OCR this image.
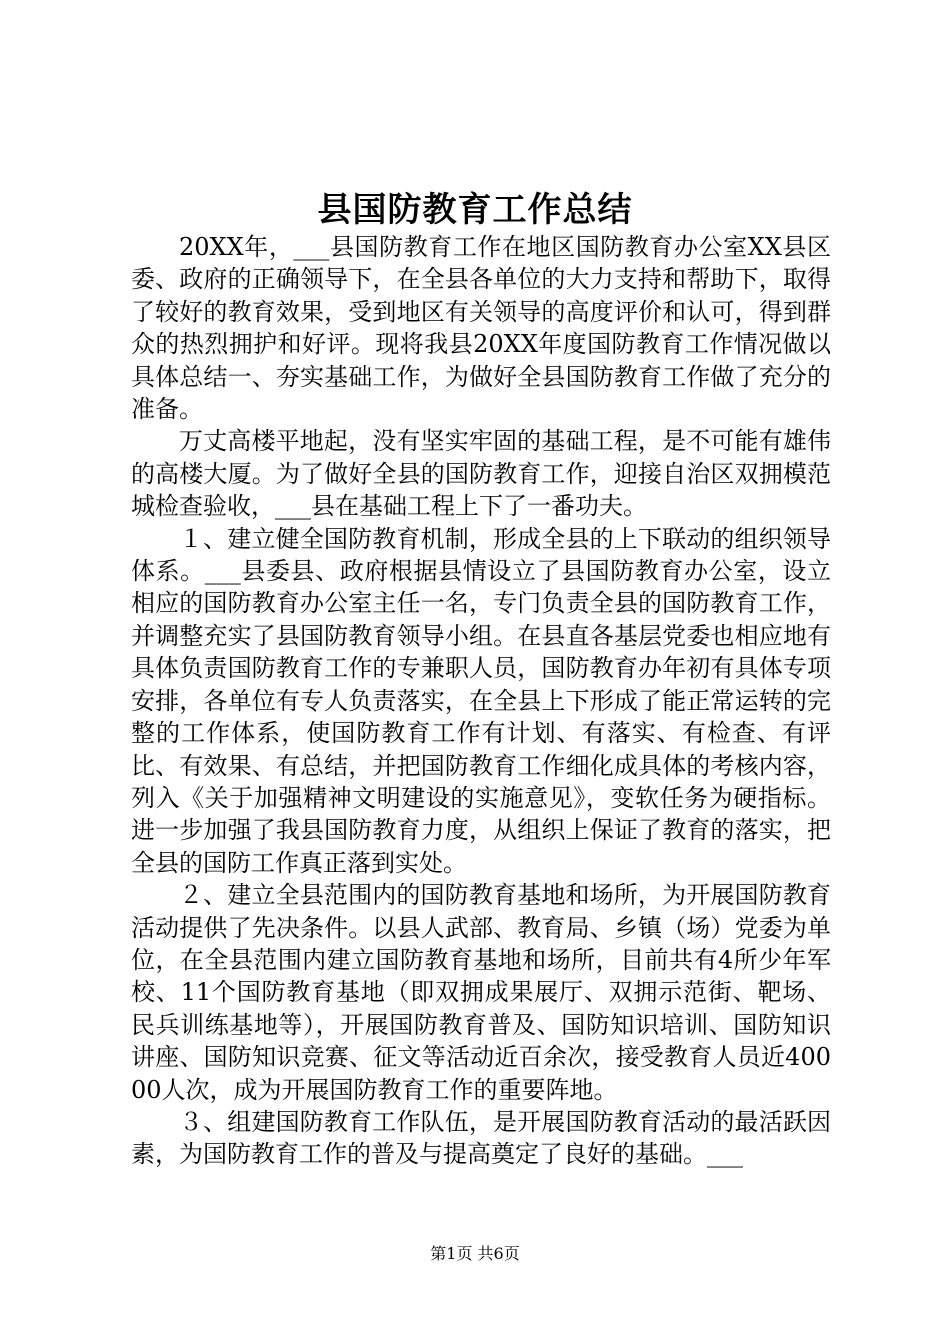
县国防教育工作总结

20XX年，___县国防教育工作在地区国防教育办公室XX县区委、政府的正确领导下，在全县各单位的大力支持和帮助下，取得了较好的教育效果，受到地区有关领导的高度评价和认可，得到群众的热烈拥护和好评。现将我县20XX年度国防教育工作情况做以具体总结一、夯实基础工作，为做好全县国防教育工作做了充分的准备。

万丈高楼平地起，没有坚实牢固的基础工程，是不可能有雄伟的高楼大厦。为了做好全县的国防教育工作，迎接自治区双拥模范城检查验收，___县在基础工程上下了一番功夫。

１、建立健全国防教育机制，形成全县的上下联动的组织领导体系。___县委县、政府根据县情设立了县国防教育办公室，设立相应的国防教育办公室主任一名，专门负责全县的国防教育工作，并调整充实了县国防教育领导小组。在县直各基层党委也相应地有具体负责国防教育工作的专兼职人员，国防教育办年初有具体专项安排，各单位有专人负责落实，在全县上下形成了能正常运转的完整的工作体系，使国防教育工作有计划、有落实、有检查、有评比、有效果、有总结，并把国防教育工作细化成具体的考核内容，列入《关于加强精神文明建设的实施意见》，变软任务为硬指标。进一步加强了我县国防教育力度，从组织上保证了教育的落实，把全县的国防工作真正落到实处。

２、建立全县范围内的国防教育基地和场所，为开展国防教育活动提供了先决条件。以县人武部、教育局、乡镇（场）党委为单位，在全县范围内建立国防教育基地和场所，目前共有4所少年军校、11个国防教育基地（即双拥成果展厅、双拥示范街、靶场、民兵训练基地等），开展国防教育普及、国防知识培训、国防知识讲座、国防知识竞赛、征文等活动近百余次，接受教育人员近40000人次，成为开展国防教育工作的重要阵地。

３、组建国防教育工作队伍，是开展国防教育活动的最活跃因素，为国防教育工作的普及与提高奠定了良好的基础。___

第1页 共6页
